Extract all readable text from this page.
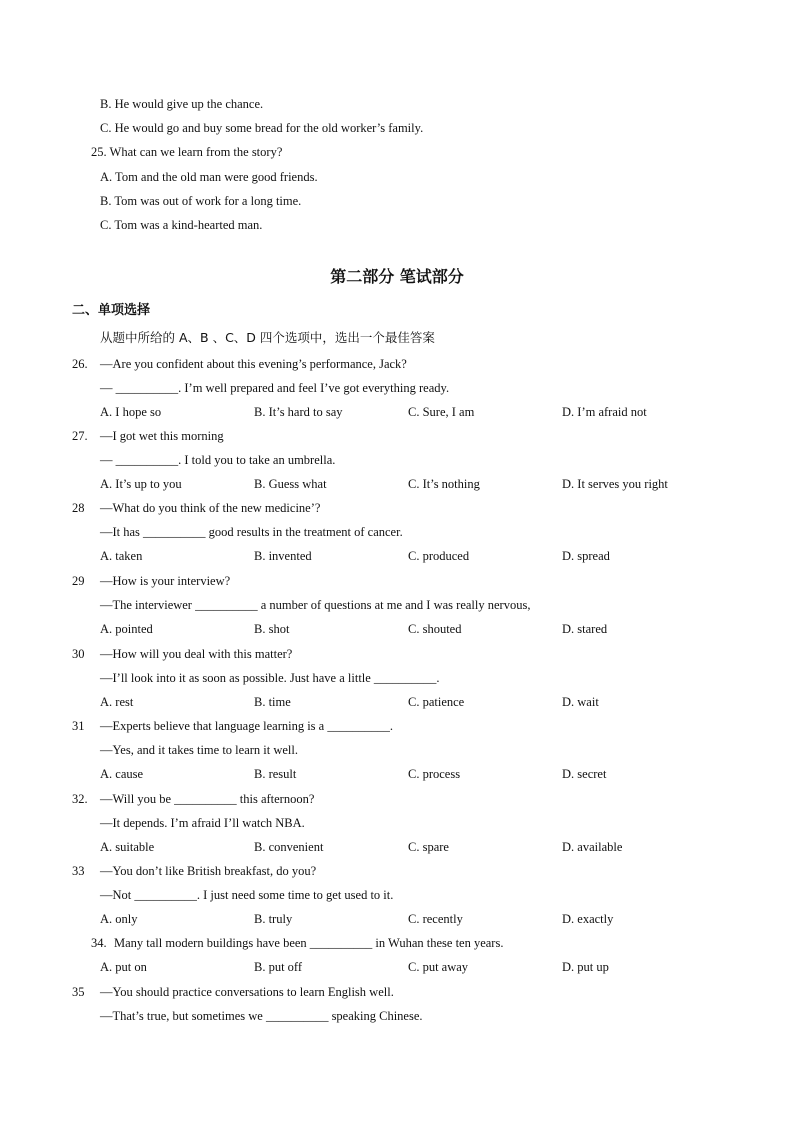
B. He would give up the chance.
C. He would go and buy some bread for the old worker’s family.
25. What can we learn from the story?
A. Tom and the old man were good friends.
B. Tom was out of work for a long time.
C. Tom was a kind-hearted man.
第二部分 笔试部分
二、单项选择
从题中所给的 A、B 、C、D 四个选项中，选出一个最佳答案
26. —Are you confident about this evening’s performance, Jack?
— __________. I’m well prepared and feel I’ve got everything ready.
A. I hope so	B. It’s hard to say	C. Sure, I am	D. I’m afraid not
27. —I got wet this morning
— __________. I told you to take an umbrella.
A. It’s up to you	B. Guess what	C. It’s nothing	D. It serves you right
28 —What do you think of the new medicine’?
—It has __________ good results in the treatment of cancer.
A. taken	B. invented	C. produced	D. spread
29 —How is your interview?
—The interviewer __________ a number of questions at me and I was really nervous,
A. pointed	B. shot	C. shouted	D. stared
30 —How will you deal with this matter?
—I’ll look into it as soon as possible. Just have a little __________.
A. rest	B. time	C. patience	D. wait
31 —Experts believe that language learning is a __________.
—Yes, and it takes time to learn it well.
A. cause	B. result	C. process	D. secret
32. —Will you be __________ this afternoon?
—It depends. I’m afraid I’ll watch NBA.
A. suitable	B. convenient	C. spare	D. available
33 —You don’t like British breakfast, do you?
—Not __________. I just need some time to get used to it.
A. only	B. truly	C. recently	D. exactly
34. Many tall modern buildings have been __________ in Wuhan these ten years.
A. put on	B. put off	C. put away	D. put up
35 —You should practice conversations to learn English well.
—That’s true, but sometimes we __________ speaking Chinese.
